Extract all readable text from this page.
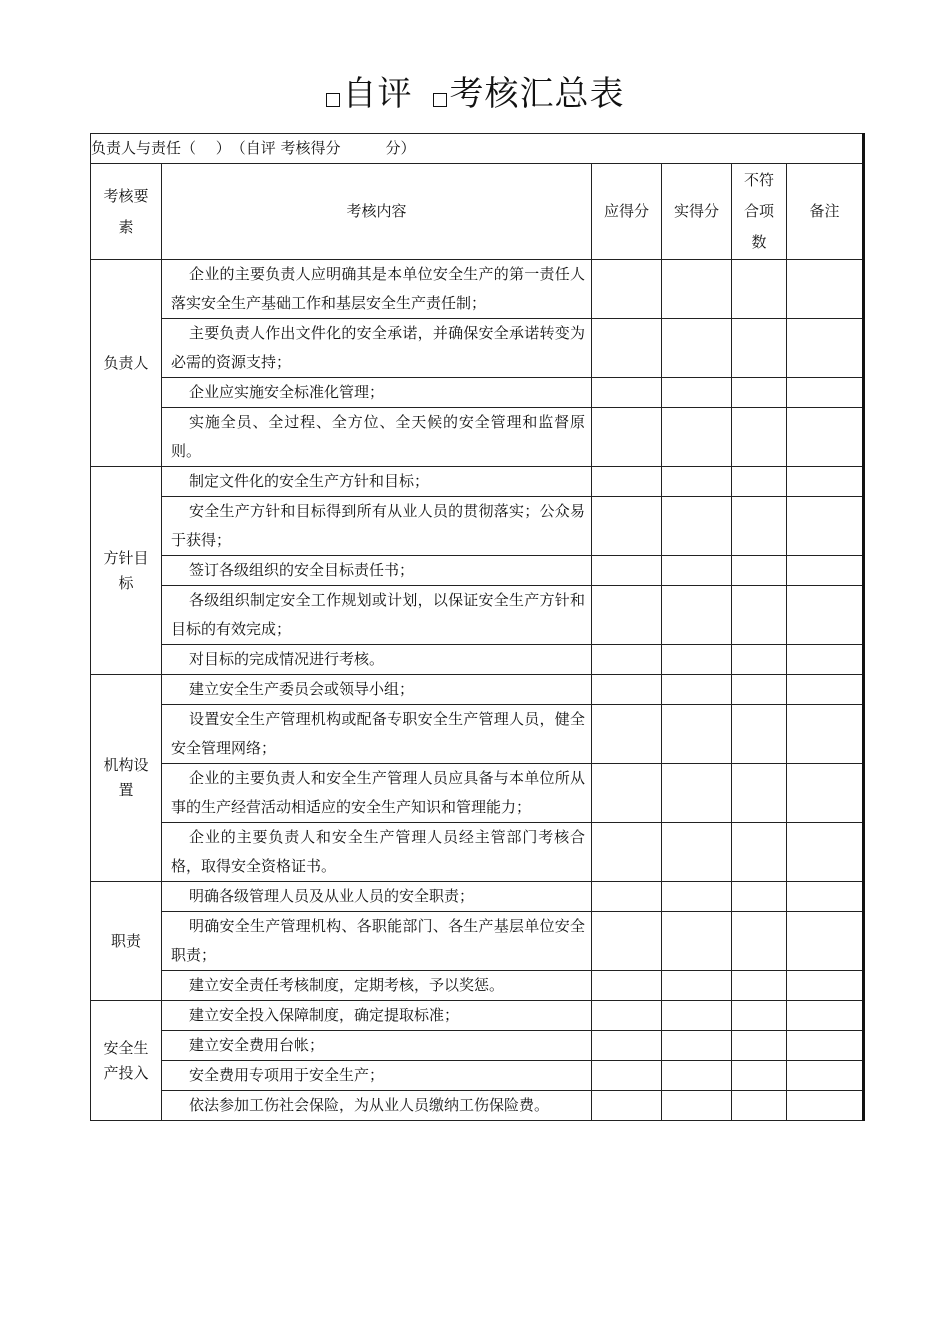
自评 考核汇总表
负责人与责任（　 ）　（自评 考核得分　　　分）					
考核要素	考核内容	应得分	实得分	不符合项数	备注
负责人	企业的主要负责人应明确其是本单位安全生产的第一责任人 落实安全生产基础工作和基层安全生产责任制；				
	主要负责人作出文件化的安全承诺，并确保安全承诺转变为必需的资源支持；				
	企业应实施安全标准化管理；				
	实施全员、全过程、全方位、全天候的安全管理和监督原则。				
方针目标	制定文件化的安全生产方针和目标；				
	安全生产方针和目标得到所有从业人员的贯彻落实；公众易于获得；				
	签订各级组织的安全目标责任书；				
	各级组织制定安全工作规划或计划，以保证安全生产方针和目标的有效完成；				
	对目标的完成情况进行考核。				
机构设置	建立安全生产委员会或领导小组；				
	设置安全生产管理机构或配备专职安全生产管理人员，健全安全管理网络；				
	企业的主要负责人和安全生产管理人员应具备与本单位所从事的生产经营活动相适应的安全生产知识和管理能力；				
	企业的主要负责人和安全生产管理人员经主管部门考核合格，取得安全资格证书。				
职责	明确各级管理人员及从业人员的安全职责；				
	明确安全生产管理机构、各职能部门、各生产基层单位安全职责；				
	建立安全责任考核制度，定期考核，予以奖惩。				
安全生产投入	建立安全投入保障制度，确定提取标准；				
	建立安全费用台帐；				
	安全费用专项用于安全生产；				
	依法参加工伤社会保险，为从业人员缴纳工伤保险费。				
